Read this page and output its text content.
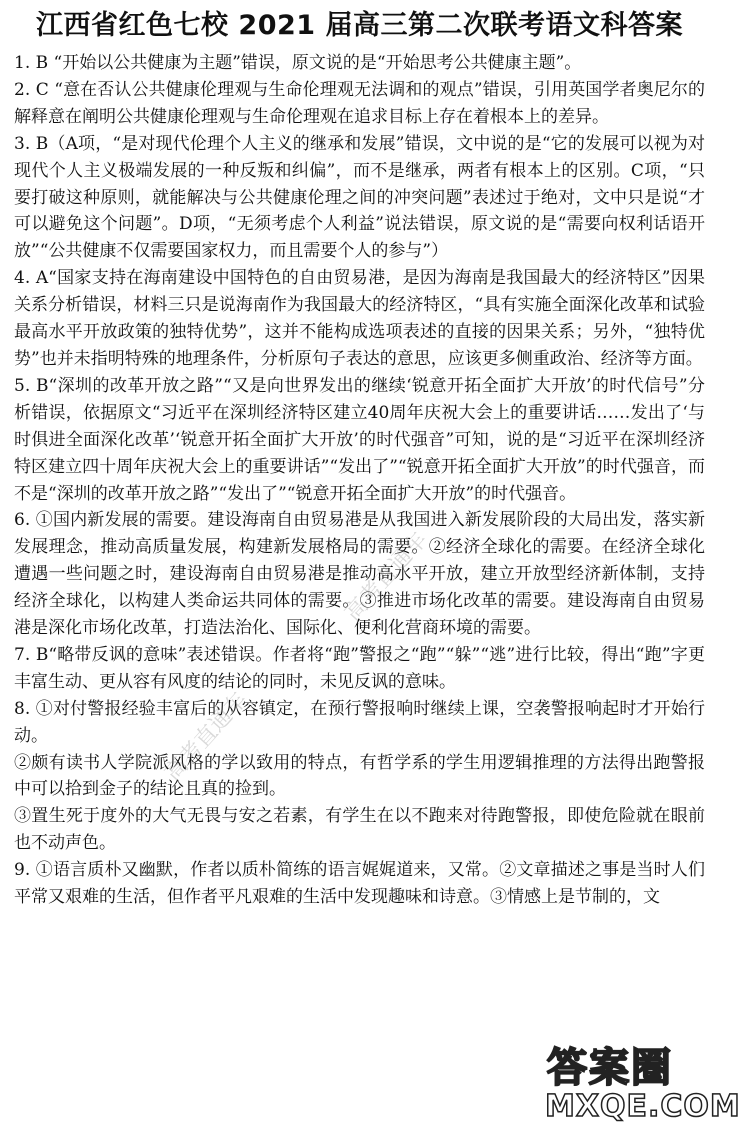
江西省红色七校 2021 届高三第二次联考语文科答案

1. B “开始以公共健康为主题”错误，原文说的是“开始思考公共健康主题”。

2. C “意在否认公共健康伦理观与生命伦理观无法调和的观点”错误，引用英国学者奥尼尔的解释意在阐明公共健康伦理观与生命伦理观在追求目标上存在着根本上的差异。

3. B（A项，“是对现代伦理个人主义的继承和发展”错误，文中说的是“它的发展可以视为对现代个人主义极端发展的一种反叛和纠偏”，而不是继承，两者有根本上的区别。C项，“只要打破这种原则，就能解决与公共健康伦理之间的冲突问题”表述过于绝对，文中只是说“才可以避免这个问题”。D项，“无须考虑个人利益”说法错误，原文说的是“需要向权利话语开放”“公共健康不仅需要国家权力，而且需要个人的参与”）

4. A“国家支持在海南建设中国特色的自由贸易港，是因为海南是我国最大的经济特区”因果关系分析错误，材料三只是说海南作为我国最大的经济特区，“具有实施全面深化改革和试验最高水平开放政策的独特优势”，这并不能构成选项表述的直接的因果关系；另外，“独特优势”也并未指明特殊的地理条件，分析原句子表达的意思，应该更多侧重政治、经济等方面。

5. B“深圳的改革开放之路”“又是向世界发出的继续‘锐意开拓全面扩大开放’的时代信号”分析错误，依据原文“习近平在深圳经济特区建立40周年庆祝大会上的重要讲话……发出了‘与时俱进全面深化改革’‘锐意开拓全面扩大开放’的时代强音”可知，说的是“习近平在深圳经济特区建立四十周年庆祝大会上的重要讲话”“发出了”“锐意开拓全面扩大开放”的时代强音，而不是“深圳的改革开放之路”“发出了”“锐意开拓全面扩大开放”的时代强音。

6. ①国内新发展的需要。建设海南自由贸易港是从我国进入新发展阶段的大局出发，落实新发展理念，推动高质量发展，构建新发展格局的需要。②经济全球化的需要。在经济全球化遭遇一些问题之时，建设海南自由贸易港是推动高水平开放，建立开放型经济新体制，支持经济全球化，以构建人类命运共同体的需要。③推进市场化改革的需要。建设海南自由贸易港是深化市场化改革，打造法治化、国际化、便利化营商环境的需要。

7. B“略带反讽的意味”表述错误。作者将“跑”警报之“跑”“躲”“逃”进行比较，得出“跑”字更丰富生动、更从容有风度的结论的同时，未见反讽的意味。

8. ①对付警报经验丰富后的从容镇定，在预行警报响时继续上课，空袭警报响起时才开始行动。

②颇有读书人学院派风格的学以致用的特点，有哲学系的学生用逻辑推理的方法得出跑警报中可以拾到金子的结论且真的捡到。

③置生死于度外的大气无畏与安之若素，有学生在以不跑来对待跑警报，即使危险就在眼前也不动声色。

9. ①语言质朴又幽默，作者以质朴简练的语言娓娓道来，又常。②文章描述之事是当时人们平常又艰难的生活，但作者平凡艰难的生活中发现趣味和诗意。③情感上是节制的，文

高考直通车
高考直通车
答案圈
MXQE.COM
